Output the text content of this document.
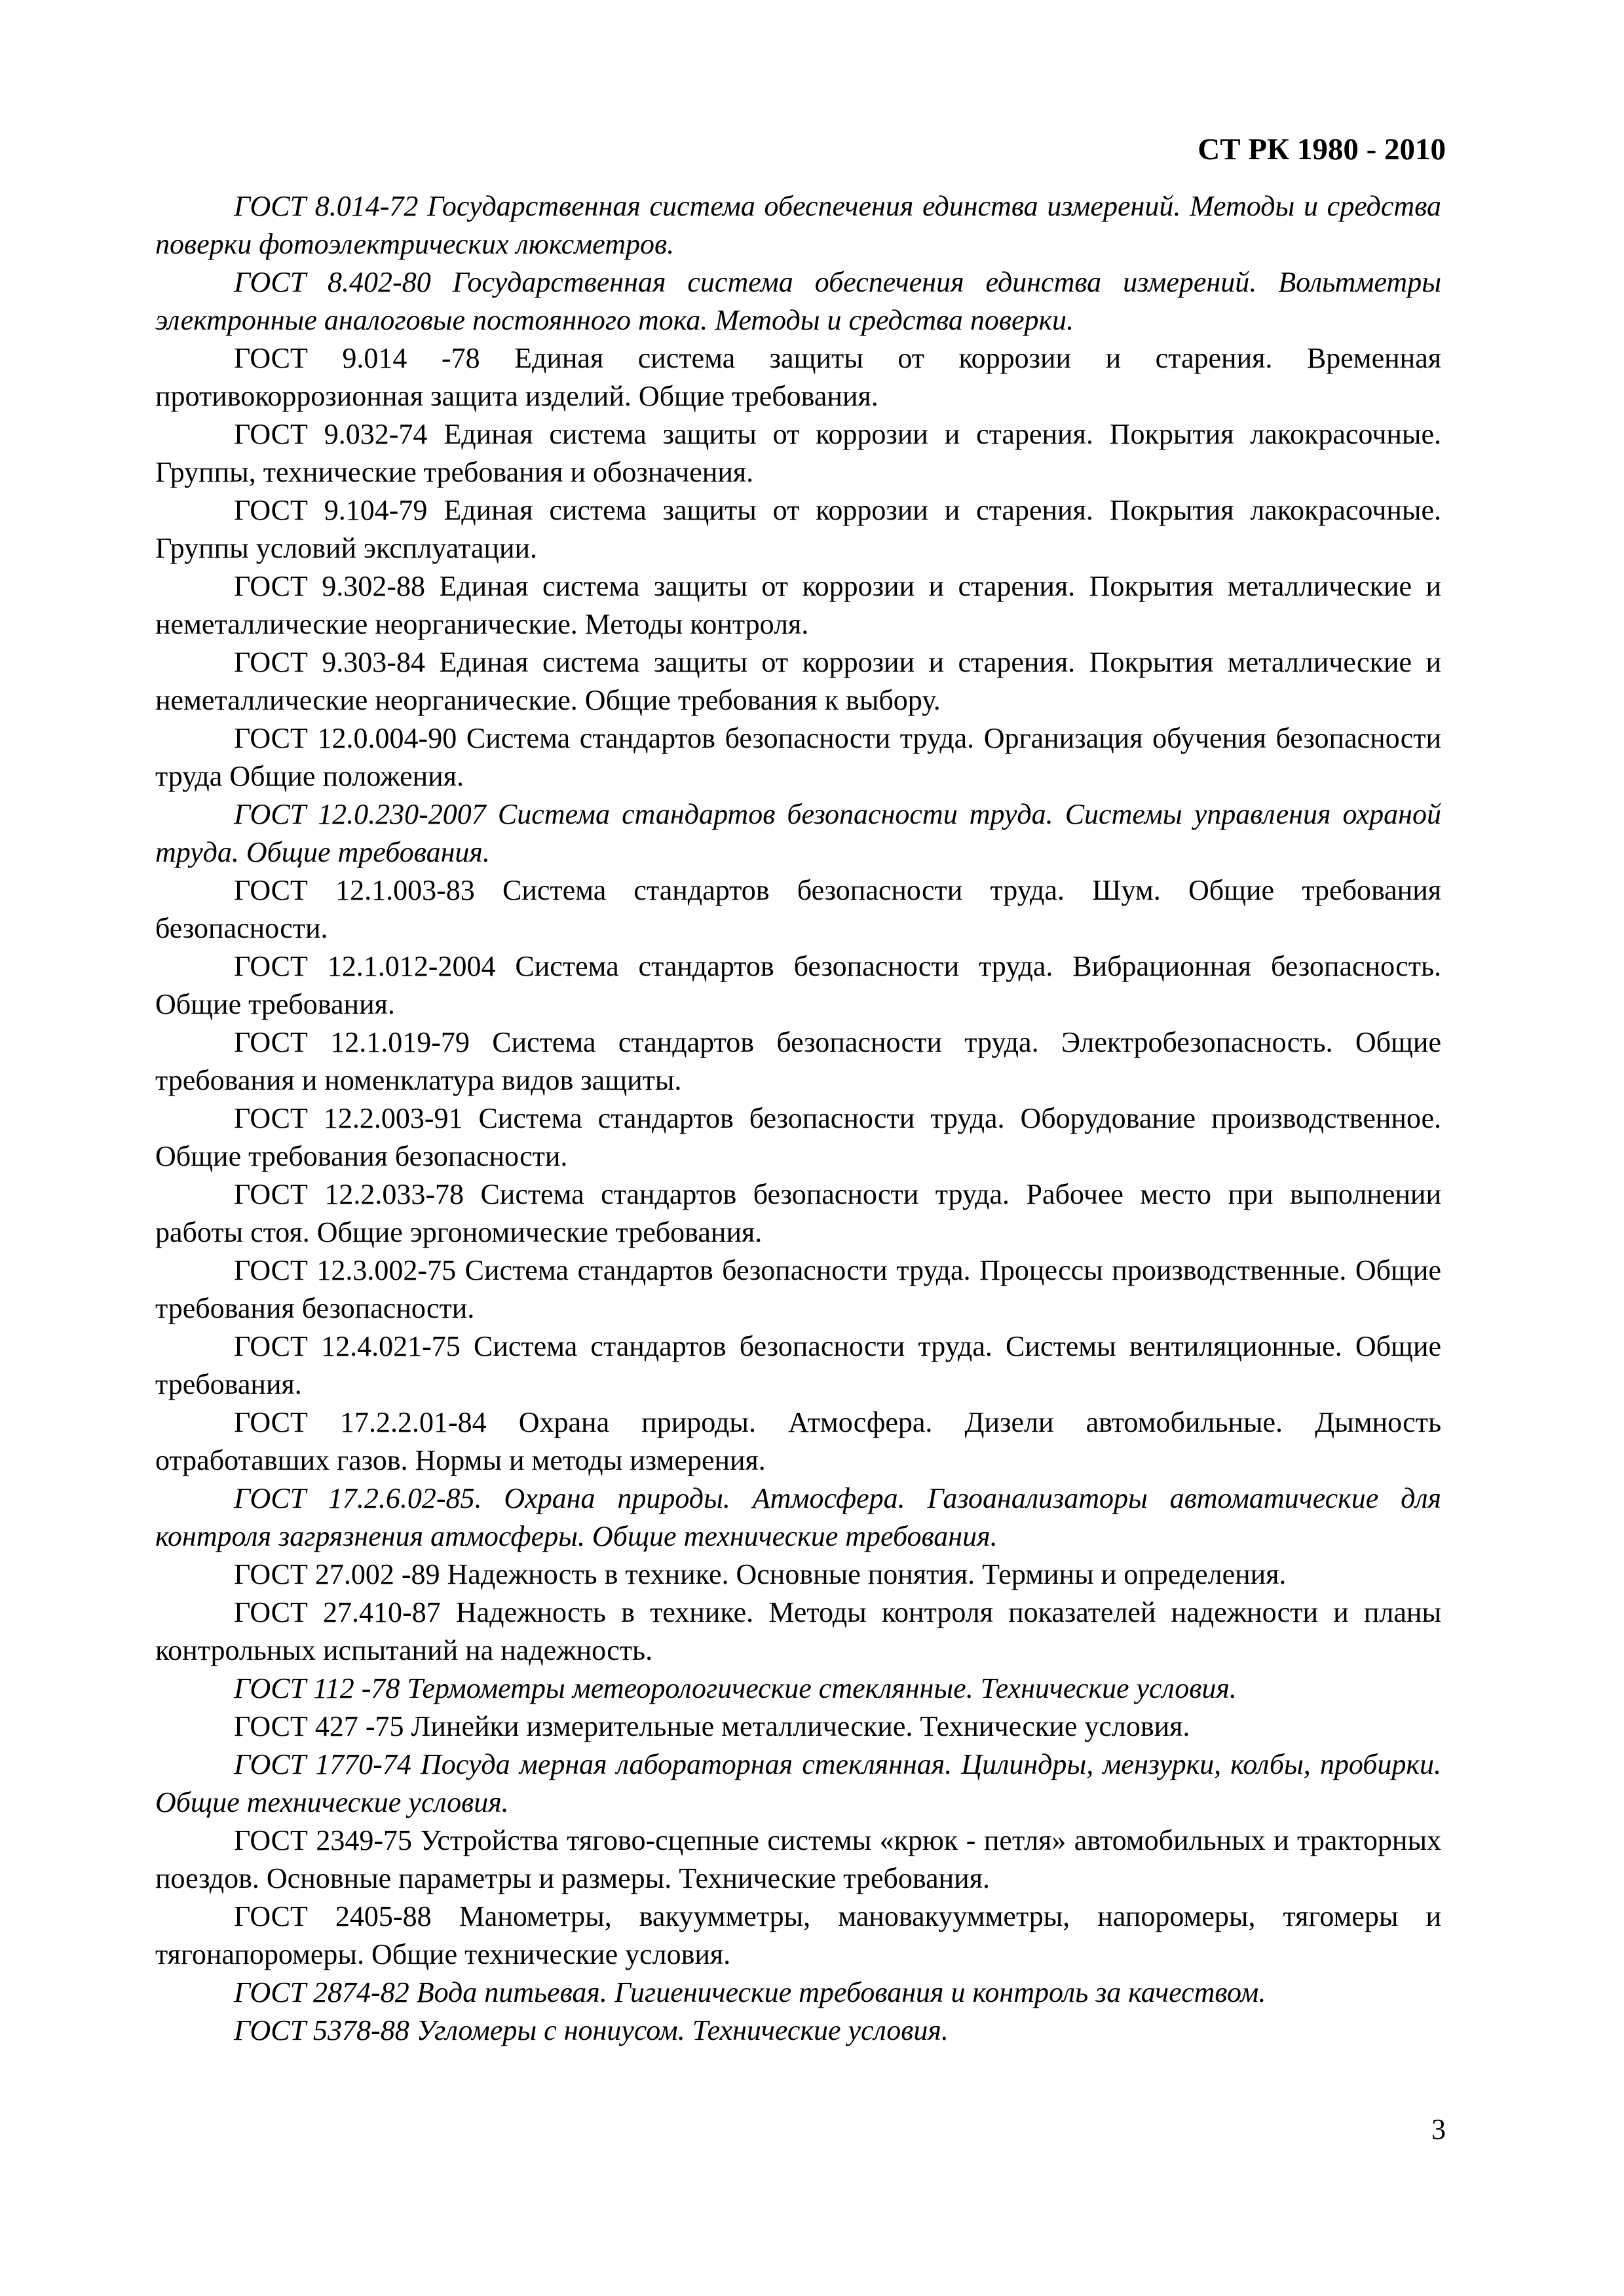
СТ РК 1980 - 2010

ГОСТ 8.014-72 Государственная система обеспечения единства измерений. Методы и средства поверки фотоэлектрических люксметров.

ГОСТ 8.402-80 Государственная система обеспечения единства измерений. Вольтметры электронные аналоговые постоянного тока. Методы и средства поверки.

ГОСТ 9.014 -78 Единая система защиты от коррозии и старения. Временная противокоррозионная защита изделий. Общие требования.

ГОСТ 9.032-74 Единая система защиты от коррозии и старения. Покрытия лакокрасочные. Группы, технические требования и обозначения.

ГОСТ 9.104-79 Единая система защиты от коррозии и старения. Покрытия лакокрасочные. Группы условий эксплуатации.

ГОСТ 9.302-88 Единая система защиты от коррозии и старения. Покрытия металлические и неметаллические неорганические. Методы контроля.

ГОСТ 9.303-84 Единая система защиты от коррозии и старения. Покрытия металлические и неметаллические неорганические. Общие требования к выбору.

ГОСТ 12.0.004-90 Система стандартов безопасности труда. Организация обучения безопасности труда Общие положения.

ГОСТ 12.0.230-2007 Система стандартов безопасности труда. Системы управления охраной труда. Общие требования.

ГОСТ 12.1.003-83 Система стандартов безопасности труда. Шум. Общие требования безопасности.

ГОСТ 12.1.012-2004 Система стандартов безопасности труда. Вибрационная безопасность. Общие требования.

ГОСТ 12.1.019-79 Система стандартов безопасности труда. Электробезопасность. Общие требования и номенклатура видов защиты.

ГОСТ 12.2.003-91 Система стандартов безопасности труда. Оборудование производственное. Общие требования безопасности.

ГОСТ 12.2.033-78 Система стандартов безопасности труда. Рабочее место при выполнении работы стоя. Общие эргономические требования.

ГОСТ 12.3.002-75 Система стандартов безопасности труда. Процессы производственные. Общие требования безопасности.

ГОСТ 12.4.021-75 Система стандартов безопасности труда. Системы вентиляционные. Общие требования.

ГОСТ 17.2.2.01-84 Охрана природы. Атмосфера. Дизели автомобильные. Дымность отработавших газов. Нормы и методы измерения.

ГОСТ 17.2.6.02-85. Охрана природы. Атмосфера. Газоанализаторы автоматические для контроля загрязнения атмосферы. Общие технические требования.

ГОСТ 27.002 -89 Надежность в технике. Основные понятия. Термины и определения.

ГОСТ 27.410-87 Надежность в технике. Методы контроля показателей надежности и планы контрольных испытаний на надежность.

ГОСТ 112 -78 Термометры метеорологические стеклянные. Технические условия.

ГОСТ 427 -75 Линейки измерительные металлические. Технические условия.

ГОСТ 1770-74 Посуда мерная лабораторная стеклянная. Цилиндры, мензурки, колбы, пробирки. Общие технические условия.

ГОСТ 2349-75 Устройства тягово-сцепные системы «крюк - петля» автомобильных и тракторных поездов. Основные параметры и размеры. Технические требования.

ГОСТ 2405-88 Манометры, вакуумметры, мановакуумметры, напоромеры, тягомеры и тягонапоромеры. Общие технические условия.

ГОСТ 2874-82 Вода питьевая. Гигиенические требования и контроль за качеством.

ГОСТ 5378-88 Угломеры с нониусом. Технические условия.

3
